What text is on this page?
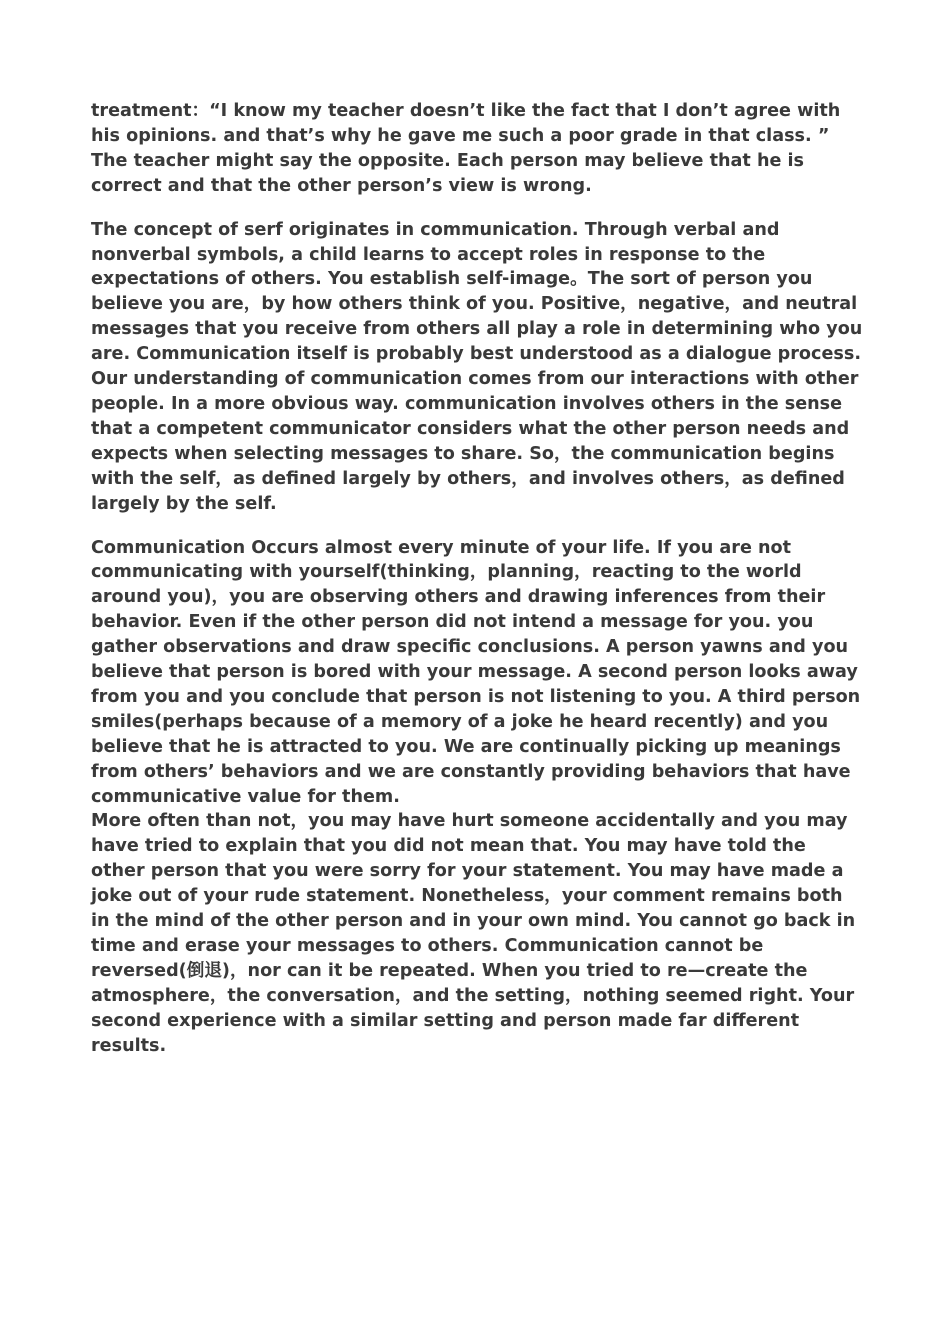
treatment：“I know my teacher doesn’t like the fact that I don’t agree with his opinions. and that’s why he gave me such a poor grade in that class. ” The teacher might say the opposite. Each person may believe that he is correct and that the other person’s view is wrong.

The concept of serf originates in communication. Through verbal and nonverbal symbols, a child learns to accept roles in response to the expectations of others. You establish self-image。The sort of person you believe you are，by how others think of you. Positive，negative，and neutral messages that you receive from others all play a role in determining who you are. Communication itself is probably best understood as a dialogue process. Our understanding of communication comes from our interactions with other people. In a more obvious way. communication involves others in the sense that a competent communicator considers what the other person needs and expects when selecting messages to share. So，the communication begins with the self，as defined largely by others，and involves others，as defined largely by the self.

Communication Occurs almost every minute of your life. If you are not communicating with yourself(thinking，planning，reacting to the world around you)，you are observing others and drawing inferences from their behavior. Even if the other person did not intend a message for you. you gather observations and draw specific conclusions. A person yawns and you believe that person is bored with your message. A second person looks away from you and you conclude that person is not listening to you. A third person smiles(perhaps because of a memory of a joke he heard recently) and you believe that he is attracted to you. We are continually picking up meanings from others’ behaviors and we are constantly providing behaviors that have communicative value for them.

More often than not，you may have hurt someone accidentally and you may have tried to explain that you did not mean that. You may have told the other person that you were sorry for your statement. You may have made a joke out of your rude statement. Nonetheless，your comment remains both in the mind of the other person and in your own mind. You cannot go back in time and erase your messages to others. Communication cannot be reversed(倒退)，nor can it be repeated. When you tried to re—create the atmosphere，the conversation，and the setting，nothing seemed right. Your second experience with a similar setting and person made far different results.
